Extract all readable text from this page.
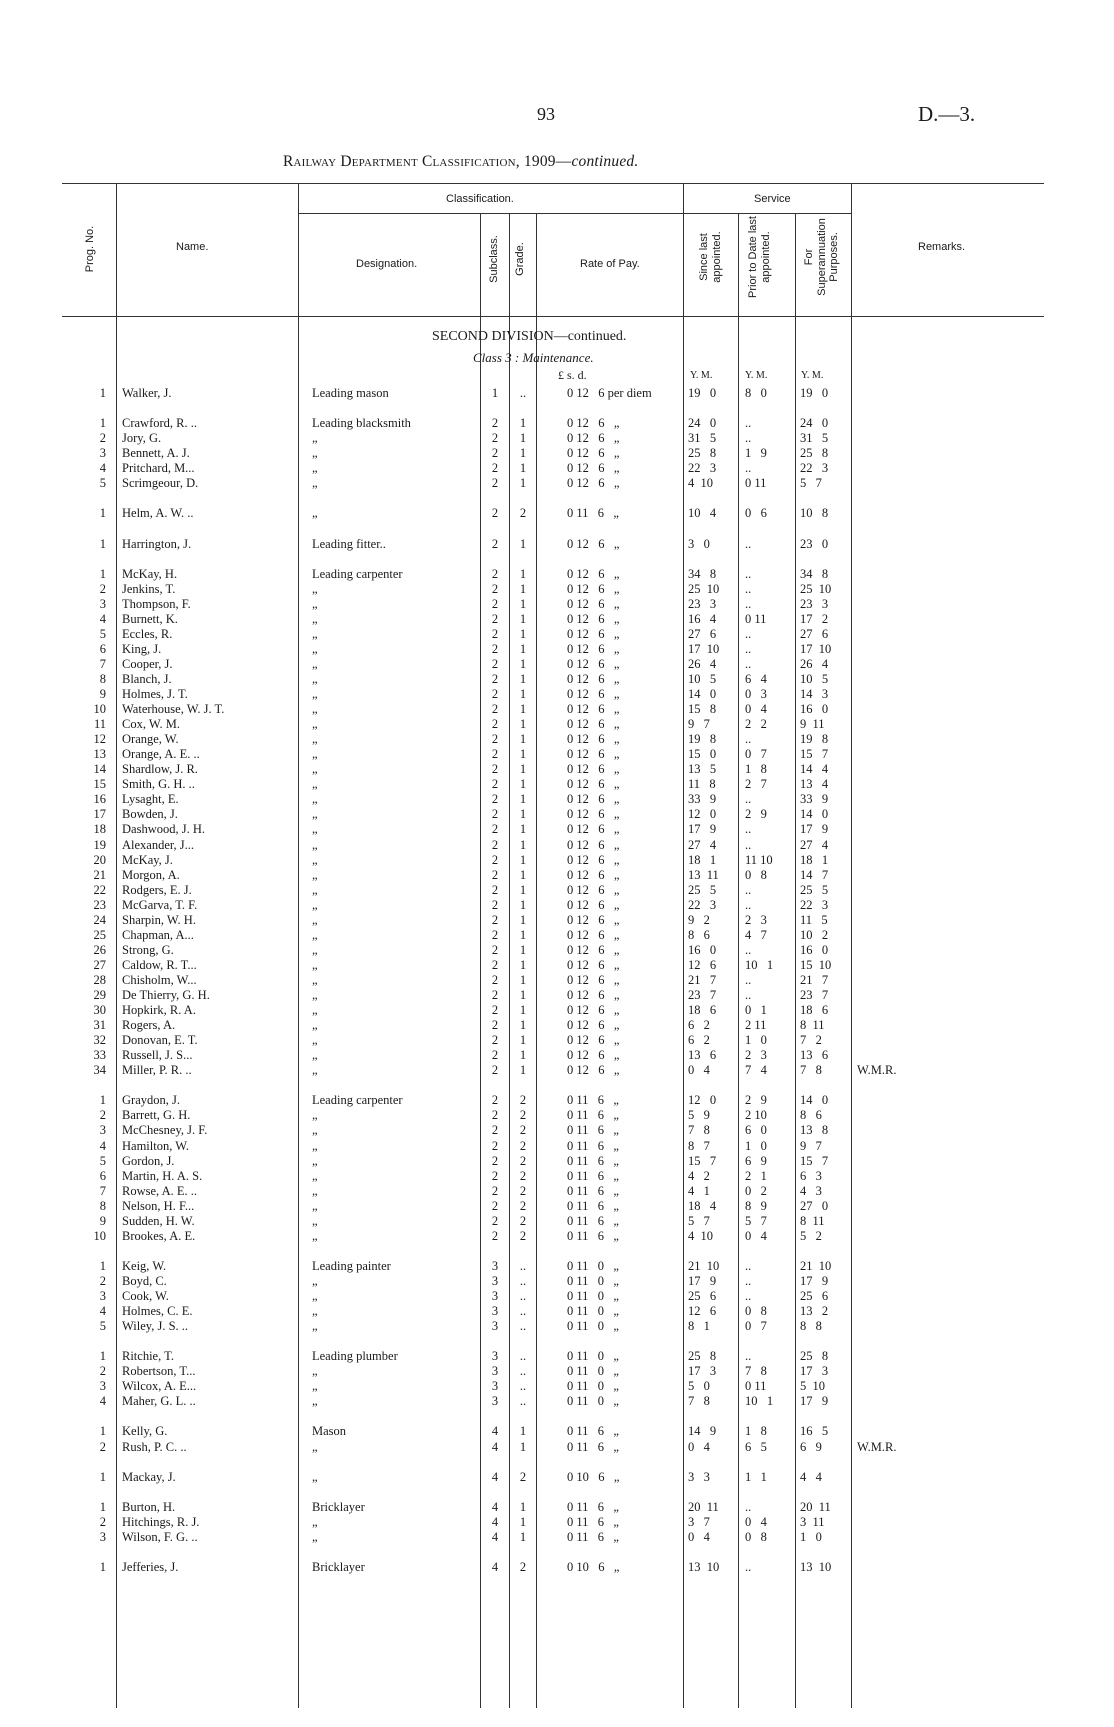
93	D.—3.
Railway Department Classification, 1909—continued.
Prog. No.	Name.
Classification.
Designation.	Subclass. Grade.	Rate of Pay.
Service
Since last appointed. Prior to Date last appointed.	For Superannuation Purposes.	Remarks.
SECOND DIVISION—continued.
Class 3 : Maintenance.
£ s. d.	Y. M.	Y. M.	Y. M.
1 Walker, J.	Leading mason	1	..	0 12   6 per diem	19   0	8   0	19   0
1 Crawford, R. ..	Leading blacksmith	2	1	0 12   6   „	24   0	..	24   0
2 Jory, G.	„	2	1	0 12   6   „	31   5	..	31   5
3 Bennett, A. J.	„	2	1	0 12   6   „	25   8	1   9	25   8
4 Pritchard, M...	„	2	1	0 12   6   „	22   3	..	22   3
5 Scrimgeour, D.	„	2	1	0 12   6   „	4  10	0 11	5   7
1 Helm, A. W. ..	„	2	2	0 11   6   „	10   4	0   6	10   8
1 Harrington, J.	Leading fitter..	2	1	0 12   6   „	3   0	..	23   0
1 McKay, H.	Leading carpenter	2	1	0 12   6   „	34   8	..	34   8
2 Jenkins, T.	„	2	1	0 12   6   „	25  10	..	25  10
3 Thompson, F.	„	2	1	0 12   6   „	23   3	..	23   3
4 Burnett, K.	„	2	1	0 12   6   „	16   4	0 11	17   2
5 Eccles, R.	„	2	1	0 12   6   „	27   6	..	27   6
6 King, J.	„	2	1	0 12   6   „	17  10	..	17  10
7 Cooper, J.	„	2	1	0 12   6   „	26   4	..	26   4
8 Blanch, J.	„	2	1	0 12   6   „	10   5	6   4	10   5
9 Holmes, J. T.	„	2	1	0 12   6   „	14   0	0   3	14   3
10 Waterhouse, W. J. T.	„	2	1	0 12   6   „	15   8	0   4	16   0
11 Cox, W. M.	„	2	1	0 12   6   „	9   7	2   2	9  11
12 Orange, W.	„	2	1	0 12   6   „	19   8	..	19   8
13 Orange, A. E. ..	„	2	1	0 12   6   „	15   0	0   7	15   7
14 Shardlow, J. R.	„	2	1	0 12   6   „	13   5	1   8	14   4
15 Smith, G. H. ..	„	2	1	0 12   6   „	11   8	2   7	13   4
16 Lysaght, E.	„	2	1	0 12   6   „	33   9	..	33   9
17 Bowden, J.	„	2	1	0 12   6   „	12   0	2   9	14   0
18 Dashwood, J. H.	„	2	1	0 12   6   „	17   9	..	17   9
19 Alexander, J...	„	2	1	0 12   6   „	27   4	..	27   4
20 McKay, J.	„	2	1	0 12   6   „	18   1	11 10	18   1
21 Morgon, A.	„	2	1	0 12   6   „	13  11	0   8	14   7
22 Rodgers, E. J.	„	2	1	0 12   6   „	25   5	..	25   5
23 McGarva, T. F.	„	2	1	0 12   6   „	22   3	..	22   3
24 Sharpin, W. H.	„	2	1	0 12   6   „	9   2	2   3	11   5
25 Chapman, A...	„	2	1	0 12   6   „	8   6	4   7	10   2
26 Strong, G.	„	2	1	0 12   6   „	16   0	..	16   0
27 Caldow, R. T...	„	2	1	0 12   6   „	12   6	10   1	15  10
28 Chisholm, W...	„	2	1	0 12   6   „	21   7	..	21   7
29 De Thierry, G. H.	„	2	1	0 12   6   „	23   7	..	23   7
30 Hopkirk, R. A.	„	2	1	0 12   6   „	18   6	0   1	18   6
31 Rogers, A.	„	2	1	0 12   6   „	6   2	2 11	8  11
32 Donovan, E. T.	„	2	1	0 12   6   „	6   2	1   0	7   2
33 Russell, J. S...	„	2	1	0 12   6   „	13   6	2   3	13   6
34 Miller, P. R. ..	„	2	1	0 12   6   „	0   4	7   4	7   8	W.M.R.
1 Graydon, J.	Leading carpenter	2	2	0 11   6   „	12   0	2   9	14   0
2 Barrett, G. H.	„	2	2	0 11   6   „	5   9	2 10	8   6
3 McChesney, J. F.	„	2	2	0 11   6   „	7   8	6   0	13   8
4 Hamilton, W.	„	2	2	0 11   6   „	8   7	1   0	9   7
5 Gordon, J.	„	2	2	0 11   6   „	15   7	6   9	15   7
6 Martin, H. A. S.	„	2	2	0 11   6   „	4   2	2   1	6   3
7 Rowse, A. E. ..	„	2	2	0 11   6   „	4   1	0   2	4   3
8 Nelson, H. F...	„	2	2	0 11   6   „	18   4	8   9	27   0
9 Sudden, H. W.	„	2	2	0 11   6   „	5   7	5   7	8  11
10 Brookes, A. E.	„	2	2	0 11   6   „	4  10	0   4	5   2
1 Keig, W.	Leading painter	3	..	0 11   0   „	21  10	..	21  10
2 Boyd, C.	„	3	..	0 11   0   „	17   9	..	17   9
3 Cook, W.	„	3	..	0 11   0   „	25   6	..	25   6
4 Holmes, C. E.	„	3	..	0 11   0   „	12   6	0   8	13   2
5 Wiley, J. S. ..	„	3	..	0 11   0   „	8   1	0   7	8   8
1 Ritchie, T.	Leading plumber	3	..	0 11   0   „	25   8	..	25   8
2 Robertson, T...	„	3	..	0 11   0   „	17   3	7   8	17   3
3 Wilcox, A. E...	„	3	..	0 11   0   „	5   0	0 11	5  10
4 Maher, G. L. ..	„	3	..	0 11   0   „	7   8	10   1	17   9
1 Kelly, G.	Mason	4	1	0 11   6   „	14   9	1   8	16   5
2 Rush, P. C. ..	„	4	1	0 11   6   „	0   4	6   5	6   9	W.M.R.
1 Mackay, J.	„	4	2	0 10   6   „	3   3	1   1	4   4
1 Burton, H.	Bricklayer	4	1	0 11   6   „	20  11	..	20  11
2 Hitchings, R. J.	„	4	1	0 11   6   „	3   7	0   4	3  11
3 Wilson, F. G. ..	„	4	1	0 11   6   „	0   4	0   8	1   0
1 Jefferies, J.	Bricklayer	4	2	0 10   6   „	13  10	..	13  10
